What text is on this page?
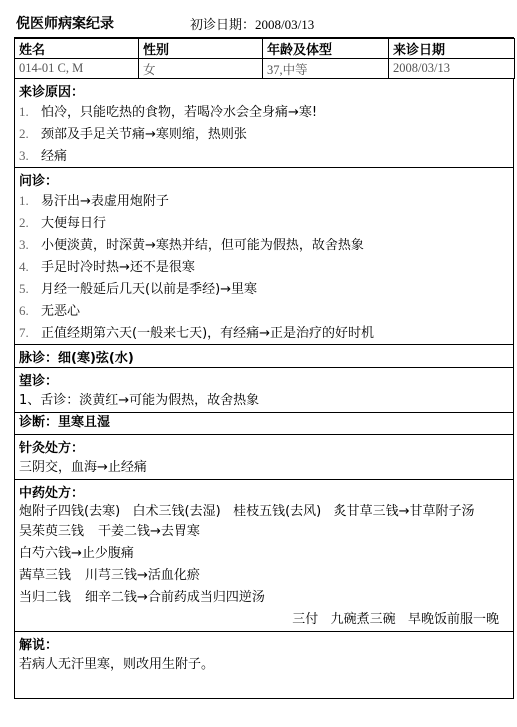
倪医师病案纪录	初诊日期：2008/03/13
姓名	性别	年龄及体型	来诊日期
014-01 C, M	女	37,中等	2008/03/13
来诊原因：
1. 怕冷，只能吃热的食物，若喝冷水会全身痛→寒!
2. 颈部及手足关节痛→寒则缩，热则张
3. 经痛
问诊：
1. 易汗出→表虚用炮附子
2. 大便每日行
3. 小便淡黄，时深黄→寒热并结，但可能为假热，故舍热象
4. 手足时冷时热→还不是很寒
5. 月经一般延后几天(以前是季经)→里寒
6. 无恶心
7. 正值经期第六天(一般来七天)，有经痛→正是治疗的好时机
脉诊：细(寒)弦(水)
望诊：
1、舌诊：淡黄红→可能为假热，故舍热象
诊断：里寒且湿
针灸处方：
三阴交，血海→止经痛
中药处方：
炮附子四钱(去寒)   白术三钱(去湿)   桂枝五钱(去风)   炙甘草三钱→甘草附子汤
吴茱萸三钱 干姜二钱→去胃寒
白芍六钱→止少腹痛
茜草三钱 川芎三钱→活血化瘀
当归二钱 细辛二钱→合前药成当归四逆汤
三付   九碗煮三碗   早晚饭前服一晚
解说：
若病人无汗里寒，则改用生附子。
